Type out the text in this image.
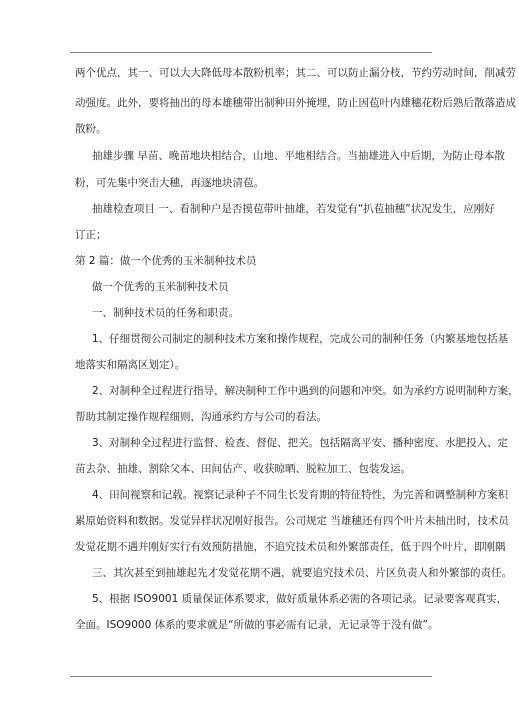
两个优点，其一、可以大大降低母本散粉机率；其二、可以防止漏分枝，节约劳动时间，削减劳
动强度。此外，要将抽出的母本雄穗带出制种田外掩埋，防止因苞叶内雄穗花粉后熟后散落造成
散粉。
抽雄步骤 早苗、晚苗地块相结合，山地、平地相结合。当抽雄进入中后期，为防止母本散
粉，可先集中突击大穗，再逐地块清苞。
抽雄检查项目 一、看制种户是否摸苞带叶抽雄，若发觉有“扒苞抽穗”状况发生，应刚好
订正；
第 2 篇：做一个优秀的玉米制种技术员
做一个优秀的玉米制种技术员
一、制种技术员的任务和职责。
1、仔细贯彻公司制定的制种技术方案和操作规程，完成公司的制种任务（内繁基地包括基
地落实和隔离区划定）。
2、对制种全过程进行指导，解决制种工作中遇到的问题和冲突。如为承约方说明制种方案，
帮助其制定操作规程细则，沟通承约方与公司的看法。
3、对制种全过程进行监督、检查、督促、把关。包括隔离平安、播种密度、水肥投入、定
苗去杂、抽雄、割除父本、田间估产、收获晾晒、脱粒加工、包装发运。
4、田间视察和记载。视察记录种子不同生长发育期的特征特性，为完善和调整制种方案积
累原始资料和数据。发觉异样状况刚好报告。公司规定 当雄穗还有四个叶片未抽出时，技术员
发觉花期不遇并刚好实行有效预防措施，不追究技术员和外繁部责任，低于四个叶片，即刚隅
三、其次甚至到抽雄起先才发觉花期不遇，就要追究技术员、片区负责人和外繁部的责任。
5、根据 ISO9001 质量保证体系要求，做好质量体系必需的各项记录。记录要客观真实，
全面。ISO9000 体系的要求就是“所做的事必需有记录，无记录等于没有做”。
